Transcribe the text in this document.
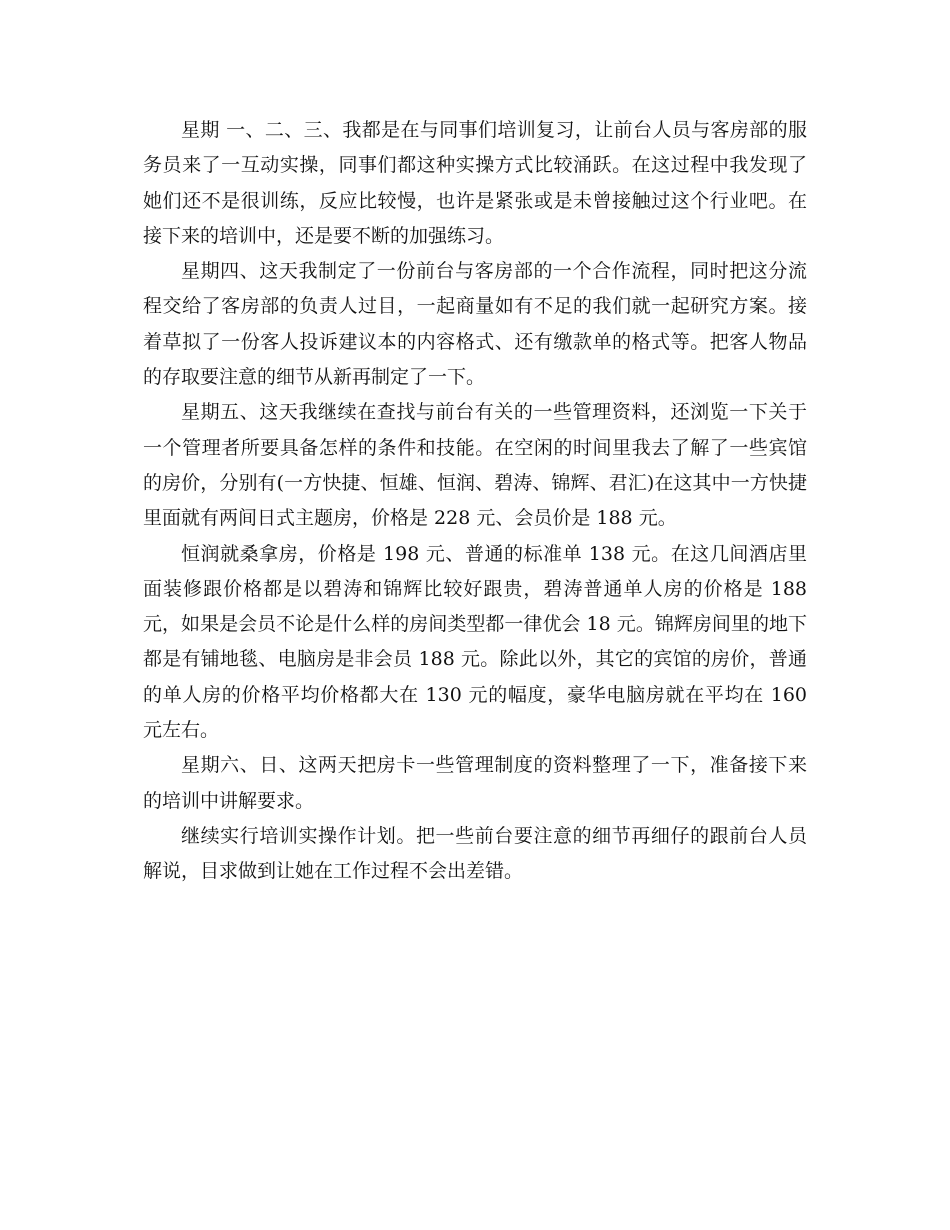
星期 一、二、三、我都是在与同事们培训复习，让前台人员与客房部的服务员来了一互动实操，同事们都这种实操方式比较涌跃。在这过程中我发现了她们还不是很训练，反应比较慢，也许是紧张或是未曾接触过这个行业吧。在接下来的培训中，还是要不断的加强练习。

星期四、这天我制定了一份前台与客房部的一个合作流程，同时把这分流程交给了客房部的负责人过目，一起商量如有不足的我们就一起研究方案。接着草拟了一份客人投诉建议本的内容格式、还有缴款单的格式等。把客人物品的存取要注意的细节从新再制定了一下。

星期五、这天我继续在查找与前台有关的一些管理资料，还浏览一下关于一个管理者所要具备怎样的条件和技能。在空闲的时间里我去了解了一些宾馆的房价，分别有(一方快捷、恒雄、恒润、碧涛、锦辉、君汇)在这其中一方快捷里面就有两间日式主题房，价格是 228 元、会员价是 188 元。

恒润就桑拿房，价格是 198 元、普通的标准单 138 元。在这几间酒店里面装修跟价格都是以碧涛和锦辉比较好跟贵，碧涛普通单人房的价格是 188 元，如果是会员不论是什么样的房间类型都一律优会 18 元。锦辉房间里的地下都是有铺地毯、电脑房是非会员 188 元。除此以外，其它的宾馆的房价，普通的单人房的价格平均价格都大在 130 元的幅度，豪华电脑房就在平均在 160 元左右。

星期六、日、这两天把房卡一些管理制度的资料整理了一下，准备接下来的培训中讲解要求。

继续实行培训实操作计划。把一些前台要注意的细节再细仔的跟前台人员解说，目求做到让她在工作过程不会出差错。
